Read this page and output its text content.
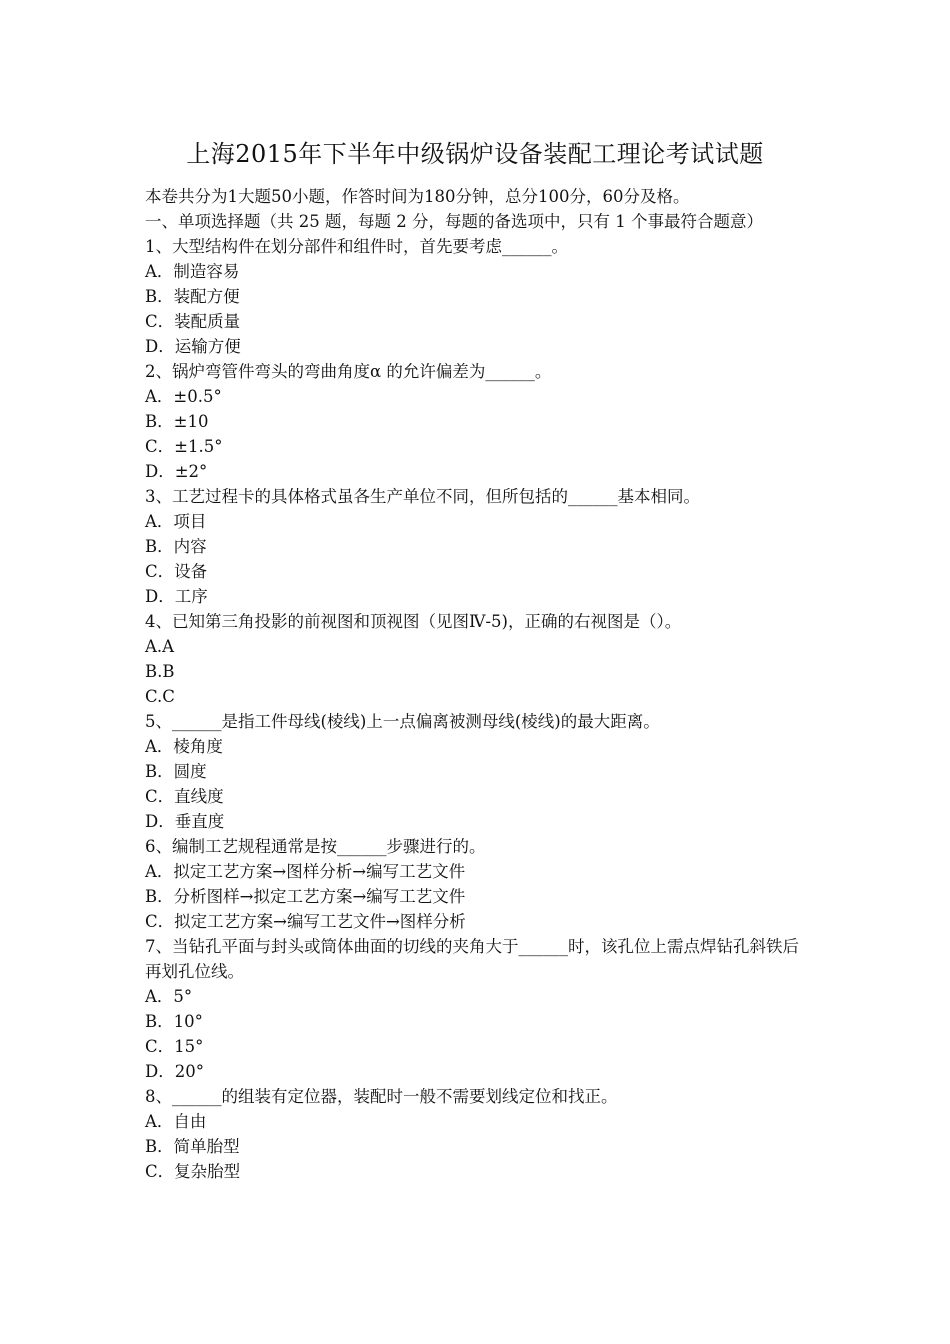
上海2015年下半年中级锅炉设备装配工理论考试试题
本卷共分为1大题50小题，作答时间为180分钟，总分100分，60分及格。
一、单项选择题（共 25 题，每题 2 分，每题的备选项中，只有 1 个事最符合题意）
1、大型结构件在划分部件和组件时，首先要考虑______。
A．制造容易
B．装配方便
C．装配质量
D．运输方便
2、锅炉弯管件弯头的弯曲角度α 的允许偏差为______。
A．±0.5°
B．±10
C．±1.5°
D．±2°
3、工艺过程卡的具体格式虽各生产单位不同，但所包括的______基本相同。
A．项目
B．内容
C．设备
D．工序
4、已知第三角投影的前视图和顶视图（见图Ⅳ-5)，正确的右视图是（）。
A.A
B.B
C.C
5、______是指工件母线(棱线)上一点偏离被测母线(棱线)的最大距离。
A．棱角度
B．圆度
C．直线度
D．垂直度
6、编制工艺规程通常是按______步骤进行的。
A．拟定工艺方案→图样分析→编写工艺文件
B．分析图样→拟定工艺方案→编写工艺文件
C．拟定工艺方案→编写工艺文件→图样分析
7、当钻孔平面与封头或筒体曲面的切线的夹角大于______时，该孔位上需点焊钻孔斜铁后再划孔位线。
A．5°
B．10°
C．15°
D．20°
8、______的组装有定位器，装配时一般不需要划线定位和找正。
A．自由
B．简单胎型
C．复杂胎型
